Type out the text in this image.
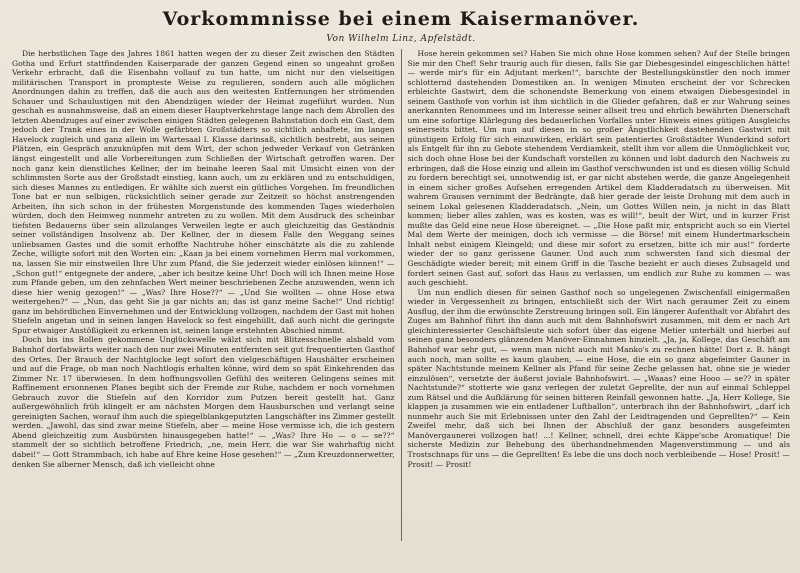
Vorkommnisse bei einem Kaisermanöver.
Von Wilhelm Linz, Apfelstädt.

Die herbstlichen Tage des Jahres 1861 hatten wegen der zu dieser Zeit zwischen den Städten Gotha und Erfurt stattfindenden Kaiserparade der ganzen Gegend einen so ungeahnt großen Verkehr erbracht, daß die Eisenbahn vollauf zu tun hatte, um nicht nur den vielseitigen militärischen Transport in prompteste Weise zu regulieren, sondern auch alle möglichen Anordnungen dahin zu treffen, daß die auch aus den weitesten Entfernungen her strömenden Schauer und Schaulustigen mit den Abendzügen wieder der Heimat zugeführt wurden. Nun geschah es ausnahmsweise, daß an einem dieser Hauptverkehrstage lange nach dem Abrollen des letzten Abendzuges auf einer zwischen einigen Städten gelegenen Bahnstation doch ein Gast, dem jedoch der Trank eines in der Wolle gefärbten Großstädters so sichtlich anhaftete, im langen Havelock zugleich und ganz allein im Wartesaal I. Klasse darinsaß, sichtlich bestrebt, aus seinen Plätzen, ein Gespräch anzuknüpfen mit dem Wirt, der schon jedweder Verkauf von Getränken längst eingestellt und alle Vorbereitungen zum Schließen der Wirtschaft getroffen waren. Der noch ganz kein dienstliches Kellner, der im beinahe leeren Saal mit Umsicht einen von der schlimmsten Sorte aus der Großstadt einstieg, kann auch, um zu erklären und zu entschuldigen, sich dieses Mannes zu entledigen. Er wählte sich zuerst ein gütliches Vorgehen. Im freundlichen Tone bat er nun selbigen, rücksichtlich seiner gerade zur Zeitzeit so höchst anstrengenden Arbeiten, ihn sich schon in der frühesten Morgenstunde des kommenden Tages wiederholen würden, doch den Heimweg nunmehr antreten zu zu wollen. Mit dem Ausdruck des scheinbar tiefsten Bedauerns über sein allzulanges Verweilen legte er auch gleichzeitig das Geständnis seiner vollständigen Insolvenz ab. Der Kellner, der in diesem Falle den Weggang seines unliebsamen Gastes und die somit erhoffte Nachtruhe höher einschätzte als die zu zahlende Zeche, willigte sofort mit den Worten ein: „Kaan ja bei einem vornehmen Herrn mal vorkommen, na, lassen Sie mir einstweilen Ihre Uhr zum Pfand, die Sie jederzeit wieder einlösen können!“ — „Schon gut!“ entgegnete der andere, „aber ich besitze keine Uhr! Doch will ich Ihnen meine Hose zum Pfande geben, um den zehnfachen Wert meiner beschriebenen Zeche anzuwenden, wenn ich diese hier wenig gezogen!“ — „Was? Ihre Hose??“ — „Und Sie wollten — ohne Hose etwa weitergehen?“ — „Nun, das geht Sie ja gar nichts an; das ist ganz meine Sache!“ Und richtig! ganz im behördlichen Einvernehmen und der Entwicklung vollzogen, nachdem der Gast mit hohen Stiefeln angetan und in seinen langen Havelock so fest eingehüllt, daß auch nicht die geringste Spur etwaiger Anstößigkeit zu erkennen ist, seinen lange erstehnten Abschied nimmt.

Doch bis ins Rollen gekommene Unglückswelle wälzt sich mit Blitzesschnelle alsbald vom Bahnhof dorfabwärts weiter nach den nur zwei Minuten entfernten seit gut frequentierten Gasthof des Ortes. Der Brauch der Nachtglocke legt sofort den vielgeschäftigen Haushälter erscheinen und auf die Frage, ob man noch Nachtlogis erhalten könne, wird dem so spät Einkehrenden das Zimmer Nr. 17 überwiesen. In dem hoffnungsvollen Gefühl des weiteren Gelingens seines mit Raffinement ersonnenen Planes begibt sich der Fremde zur Ruhe, nachdem er noch vornehmen Gebrauch zuvor die Stiefeln auf den Korridor zum Putzen bereit gestellt hat. Ganz außergewöhnlich früh klingelt er am nächsten Morgen dem Hausburschen und verlangt seine gereinigten Sachen, worauf ihm auch die spiegelblankgeputzten Langschäfter ins Zimmer gestellt werden. „Jawohl, das sind zwar meine Stiefeln, aber — meine Hose vermisse ich, die ich gestern Abend gleichzeitig zum Ausbürsten hinausgegeben hatte!“ — „Was? Ihre Ho — o — se??“ stammelt der so sichtlich betroffene Friedrich, „ne, mein Herr, die war Sie wahrhaftig nicht dabei!“ — Gott Strammbach, ich habe auf Ehre keine Hose gesehen!“ — „Zum Kreuzdonnerwetter, denken Sie alberner Mensch, daß ich vielleicht ohne

Hose herein gekommen sei? Haben Sie mich ohne Hose kommen sehen? Auf der Stelle bringen Sie mir den Chef! Sehr traurig auch für diesen, falls Sie gar Diebesgesindel eingeschlichen hätte! — werde mir's für ein Adjutant merken!“, barschte der Bestellungskünstler den noch immer schlotternd dastehenden Domestiken an. In wenigen Minuten erscheint der vor Schrecken erbleichte Gastwirt, dem die schonendste Bemerkung von einem etwaigen Diebesgesindel in seinem Gasthofe von vorhin ist ihm sichtlich in die Glieder gefahren, daß er zur Wahrung seines anerkannten Renommees und im Interesse seiner allseit treu und ehrlich bewährten Dienerschaft um eine sofortige Klärlegung des bedauerlichen Vorfalles unter Hinweis eines gütigen Ausgleichs seinerseits bittet. Um nun auf diesen in so großer Ängstlichkeit dastehenden Gastwirt mit günstigem Erfolg für sich einzuwirken, erklärt sein patentiertes Großstädter Wunderkind sofort als Entgelt für ihn zu Gebote stehendem Verdiamkeit, stellt ihm vor allem die Unmöglichkeit vor, sich doch ohne Hose bei der Kundschaft vorstellen zu können und lobt dadurch den Nachweis zu erbringen, daß die Hose einzig und allein im Gasthof verschwunden ist und es diesen völlig Schuld zu fordern berechtigt sei, unnotwendig ist, er gar nicht abstehen werde, die ganze Angelegenheit in einem sicher großes Aufsehen erregenden Artikel dem Kladderadatsch zu überweisen. Mit wahrem Grausen vernimmt der Bedrängte, daß hier gerade der leiste Drohung mit dem auch in seinem Lokal gelesenen Kladderadatsch. „Nein, um Gottes Willen nein, ja nicht in das Blatt kommen; lieber alles zahlen, was es kosten, was es will!“, beult der Wirt, und in kurzer Frist mußte das Geld eine neue Hose übereignet. — „Die Hose paßt mir, entspricht auch so ein Viertel Mal dem Werte der meinigen, doch ich vermisse — die Börse! mit einem Hundertmarkschein Inhalt nebst einigem Kleingeld; und diese mir sofort zu ersetzen, bitte ich mir aus!“ forderte wieder der so ganz gerissene Gauner. Und auch zum schwersten fand sich diesmal der Geschädigte wieder bereit; mit einem Griff in die Tasche bezieht er auch dieses Zubsageld und fordert seinen Gast auf, sofort das Haus zu verlassen, um endlich zur Ruhe zu kommen — was auch geschieht.

Um nun endlich diesen für seinen Gasthof noch so ungelegenen Zwischenfall einigermaßen wieder in Vergessenheit zu bringen, entschließt sich der Wirt nach geraumer Zeit zu einem Ausflug, der ihm die erwünschte Zerstreuung bringen soll. Ein längerer Aufenthalt vor Abfahrt des Zuges am Bahnhof führt ihn dann auch mit dem Bahnhofswirt zusammen, mit dem er nach Art gleichinteressierter Geschäftsleute sich sofort über das eigene Metier unterhält und hierbei auf seinen ganz besonders glänzenden Manöver-Einnahmen hinzielt. „Ja, ja, Kollege, das Geschäft am Bahnhof war sehr gut, — wenn man nicht auch mit Manko's zu rechnen hätte! Dort z. B. hängt auch noch, man sollte es kaum glauben, — eine Hose, die ein so ganz abgefeimter Gauner in später Nachtstunde meinem Kellner als Pfand für seine Zeche gelassen hat, ohne sie je wieder einzulösen“, versetzte der äußerst joviale Bahnhofswirt. — „Waaas? eine Hooo — se?? in später Nachtstunde?“ stotterte wie ganz verlegen der zuletzt Geprellte, der nun auf einmal Schleppel zum Rätsel und die Aufklärung für seinen bitteren Reinfall gewonnen hatte. „Ja, Herr Kollege, Sie klappen ja zusammen wie ein entladener Luftballon“, unterbrach ihn der Bahnhofswirt, „darf ich nunmehr auch Sie mit Erlebnissen unter den Zahl der Leidtragenden und Geprellten?“ — Kein Zweifel mehr, daß sich bei Ihnen der Abschluß der ganz besonders ausgefeimten Manövergaunerei vollzogen hat! ...! Kellner, schnell, drei echte Käppe'sche Aromatique! Die sicherste Medizin zur Behebung des überhandnehmenden Magenverstimmung — und als Trostschnaps für uns — die Geprellten! Es lebe die uns doch noch verbleibende — Hose! Prosit! — Prosit! — Prosit!
